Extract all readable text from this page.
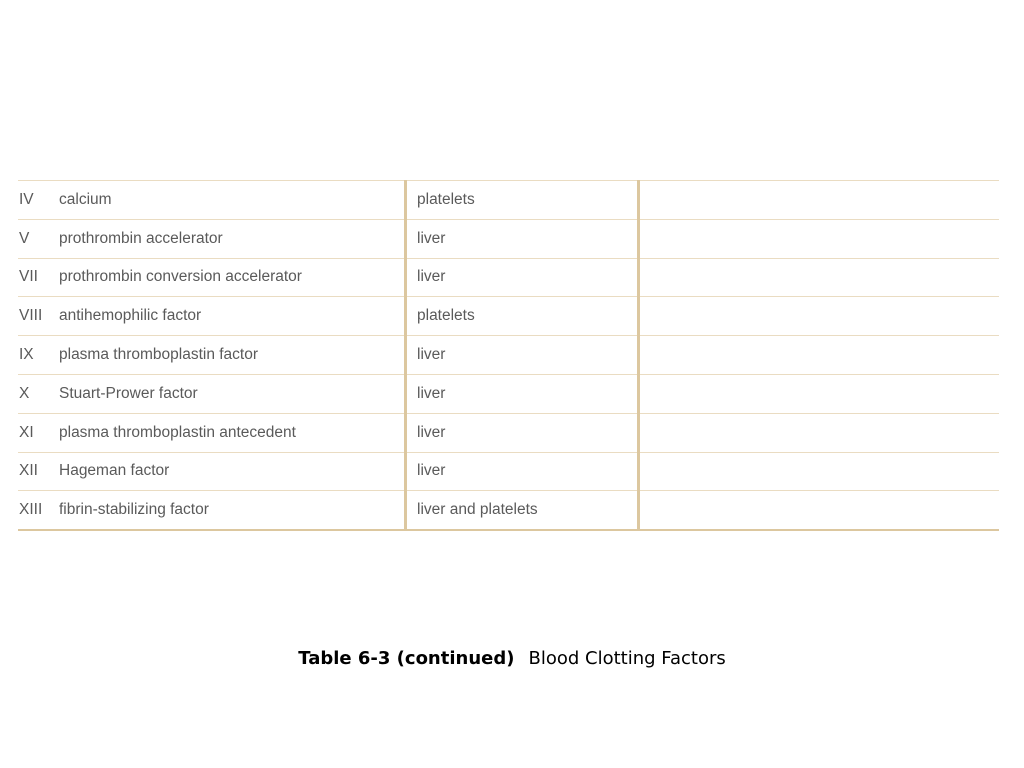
IV	calcium	platelets	
V	prothrombin accelerator	liver	
VII	prothrombin conversion accelerator	liver	
VIII	antihemophilic factor	platelets	
IX	plasma thromboplastin factor	liver	
X	Stuart-Prower factor	liver	
XI	plasma thromboplastin antecedent	liver	
XII	Hageman factor	liver	
XIII	fibrin-stabilizing factor	liver and platelets	
Table 6-3 (continued) Blood Clotting Factors
